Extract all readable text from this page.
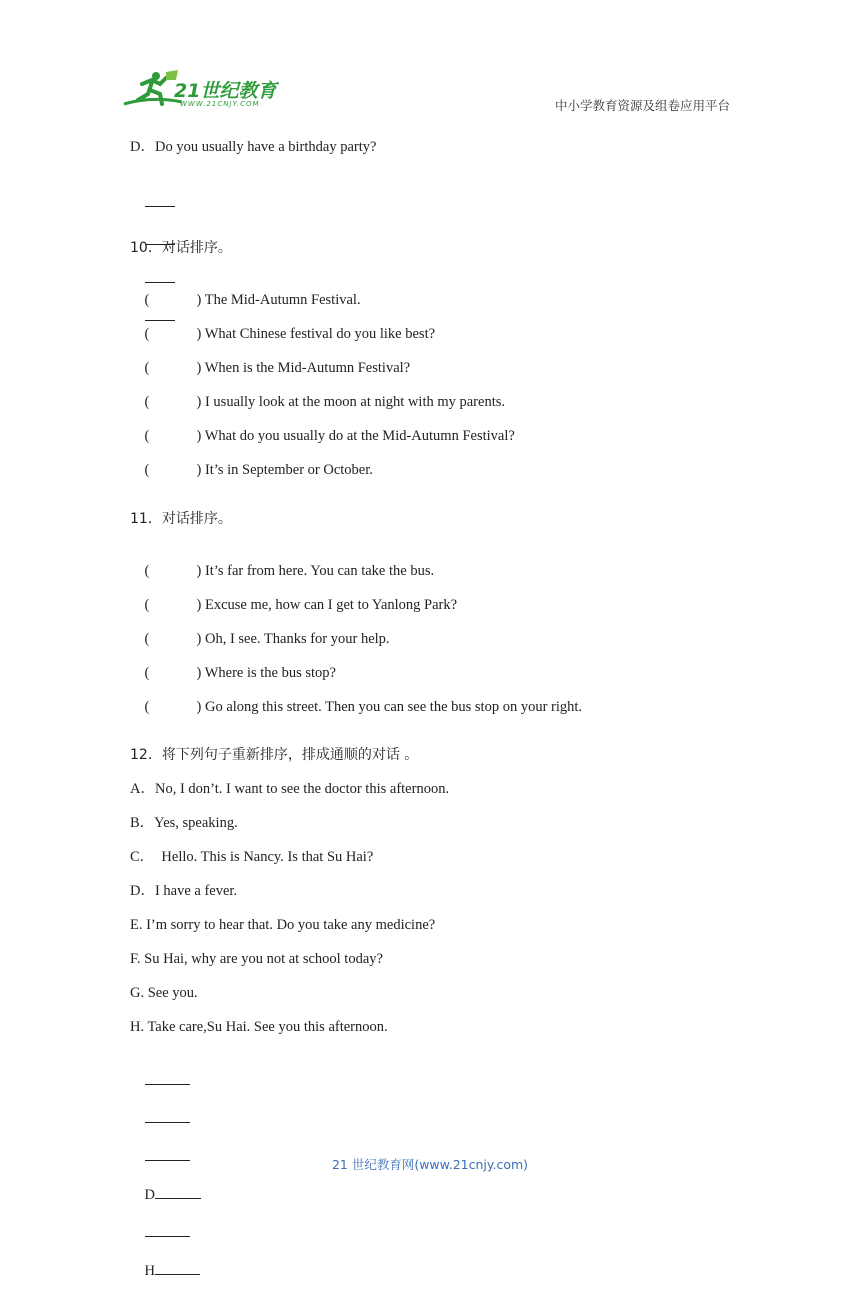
21世纪教育
WWW.21CNJY.COM	中小学教育资源及组卷应用平台
D．Do you usually have a birthday party?

10．对话排序。

(	) The Mid-Autumn Festival.

(	) What Chinese festival do you like best?

(	) When is the Mid-Autumn Festival?

(	) I usually look at the moon at night with my parents.

(	) What do you usually do at the Mid-Autumn Festival?

(	) It’s in September or October.

11．对话排序。

(	) It’s far from here. You can take the bus.

(	) Excuse me, how can I get to Yanlong Park?

(	) Oh, I see. Thanks for your help.

(	) Where is the bus stop?

(	) Go along this street. Then you can see the bus stop on your right.

12．将下列句子重新排序，排成通顺的对话 。
A．No, I don’t. I want to see the doctor this afternoon.
B．Yes, speaking.
C．  Hello. This is Nancy. Is that Su Hai?
D．I have a fever.
E. I’m sorry to hear that. Do you take any medicine?
F. Su Hai, why are you not at school today?
G. See you.
H. Take care,Su Hai. See you this afternoon.

D

H

21 世纪教育网(www.21cnjy.com)
